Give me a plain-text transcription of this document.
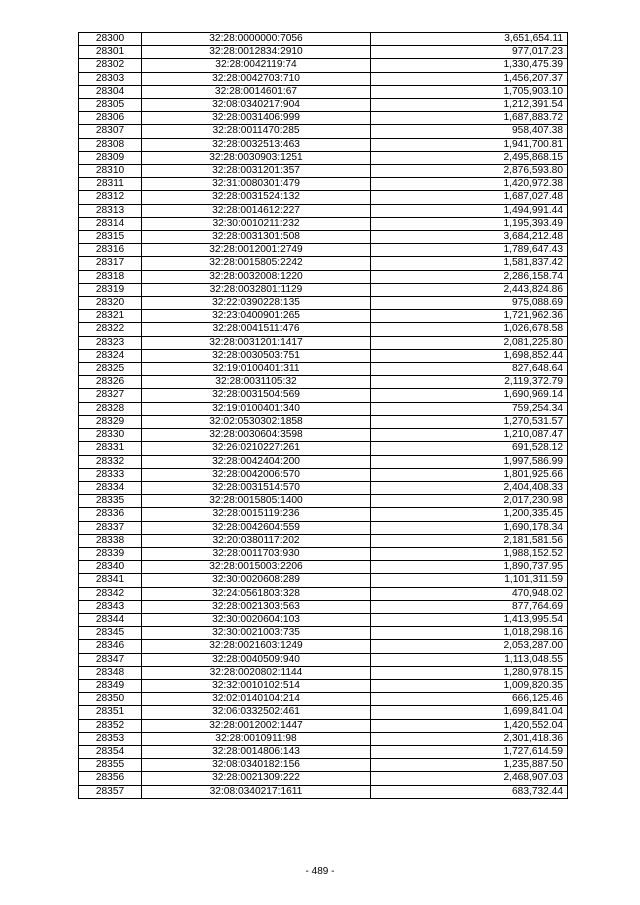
28300	32:28:0000000:7056	3,651,654.11
28301	32:28:0012834:2910	977,017.23
28302	32:28:0042119:74	1,330,475.39
28303	32:28:0042703:710	1,456,207.37
28304	32:28:0014601:67	1,705,903.10
28305	32:08:0340217:904	1,212,391.54
28306	32:28:0031406:999	1,687,883.72
28307	32:28:0011470:285	958,407.38
28308	32:28:0032513:463	1,941,700.81
28309	32:28:0030903:1251	2,495,868.15
28310	32:28:0031201:357	2,876,593.80
28311	32:31:0080301:479	1,420,972.38
28312	32:28:0031524:132	1,687,027.48
28313	32:28:0014612:227	1,494,991.44
28314	32:30:0010211:232	1,195,393.49
28315	32:28:0031301:508	3,684,212.48
28316	32:28:0012001:2749	1,789,647.43
28317	32:28:0015805:2242	1,581,837.42
28318	32:28:0032008:1220	2,286,158.74
28319	32:28:0032801:1129	2,443,824.86
28320	32:22:0390228:135	975,088.69
28321	32:23:0400901:265	1,721,962.36
28322	32:28:0041511:476	1,026,678.58
28323	32:28:0031201:1417	2,081,225.80
28324	32:28:0030503:751	1,698,852.44
28325	32:19:0100401:311	827,648.64
28326	32:28:0031105:32	2,119,372.79
28327	32:28:0031504:569	1,690,969.14
28328	32:19:0100401:340	759,254.34
28329	32:02:0530302:1858	1,270,531.57
28330	32:28:0030604:3598	1,210,087.47
28331	32:26:0210227:261	691,528.12
28332	32:28:0042404:200	1,997,586.99
28333	32:28:0042006:570	1,801,925.66
28334	32:28:0031514:570	2,404,408.33
28335	32:28:0015805:1400	2,017,230.98
28336	32:28:0015119:236	1,200,335.45
28337	32:28:0042604:559	1,690,178.34
28338	32:20:0380117:202	2,181,581.56
28339	32:28:0011703:930	1,988,152.52
28340	32:28:0015003:2206	1,890,737.95
28341	32:30:0020608:289	1,101,311.59
28342	32:24:0561803:328	470,948.02
28343	32:28:0021303:563	877,764.69
28344	32:30:0020604:103	1,413,995.54
28345	32:30:0021003:735	1,018,298.16
28346	32:28:0021603:1249	2,053,287.00
28347	32:28:0040509:940	1,113,048.55
28348	32:28:0020802:1144	1,280,978.15
28349	32:32:0010102:514	1,009,820.35
28350	32:02:0140104:214	666,125.46
28351	32:06:0332502:461	1,699,841.04
28352	32:28:0012002:1447	1,420,552.04
28353	32:28:0010911:98	2,301,418.36
28354	32:28:0014806:143	1,727,614.59
28355	32:08:0340182:156	1,235,887.50
28356	32:28:0021309:222	2,468,907.03
28357	32:08:0340217:1611	683,732.44
- 489 -
